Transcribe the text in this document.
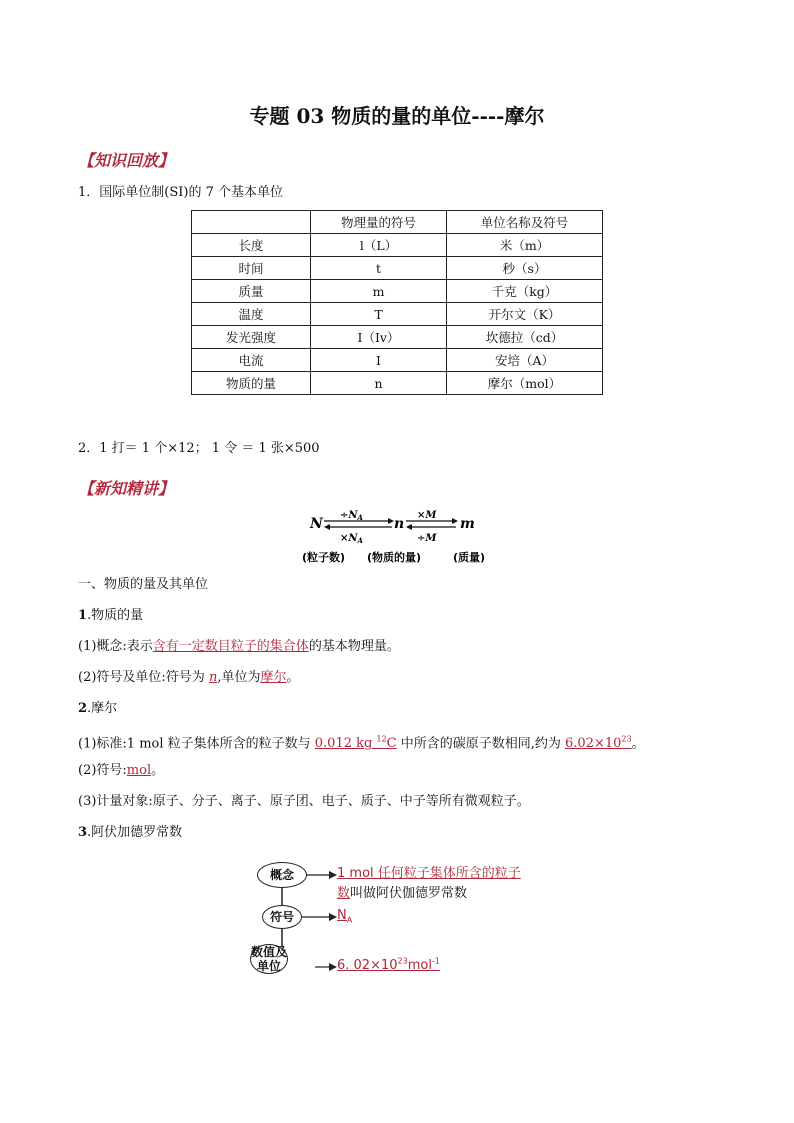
专题 03 物质的量的单位----摩尔
【知识回放】
1．国际单位制(SI)的 7 个基本单位
	物理量的符号	单位名称及符号
长度	l（L）	米（m）
时间	t	秒（s）
质量	m	千克（kg）
温度	T	开尔文（K）
发光强度	I（Iv）	坎德拉（cd）
电流	I	安培（A）
物质的量	n	摩尔（mol）
2．1 打＝ 1 个×12； 1 令 ＝ 1 张×500
【新知精讲】
N	n	m
$\div N_A$
$\times N_A$
×M
÷M
(粒子数) (物质的量)	(质量)
一、物质的量及其单位
1.物质的量
(1)概念:表示含有一定数目粒子的集合体的基本物理量。
(2)符号及单位:符号为 n,单位为摩尔。
2.摩尔
(1)标准:1 mol 粒子集体所含的粒子数与 0.012 kg $^{12}$C 中所含的碳原子数相同,约为 $6.02\times 10^{23}$。
(2)符号:mol。
(3)计量对象:原子、分子、离子、原子团、电子、质子、中子等所有微观粒子。
3.阿伏加德罗常数
概念
符号
数值及
单位
1 mol 任何粒子集体所含的粒子
数叫做阿伏伽德罗常数
$N_A$
6. $02\times 10^{23}mol^{-1}$
